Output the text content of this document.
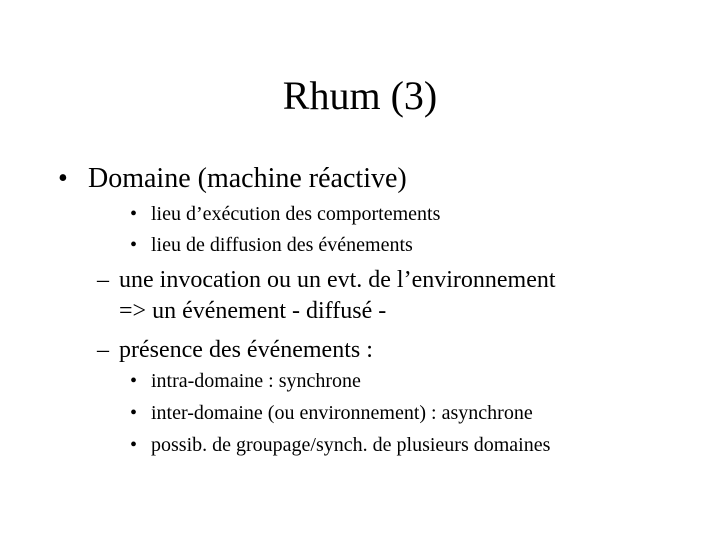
Rhum (3)
• Domaine (machine réactive)
• lieu d’exécution des comportements
• lieu de diffusion des événements
– une invocation ou un evt. de l’environnement
=> un événement - diffusé -
– présence des événements :
• intra-domaine : synchrone
• inter-domaine (ou environnement) : asynchrone
• possib. de groupage/synch. de plusieurs domaines
